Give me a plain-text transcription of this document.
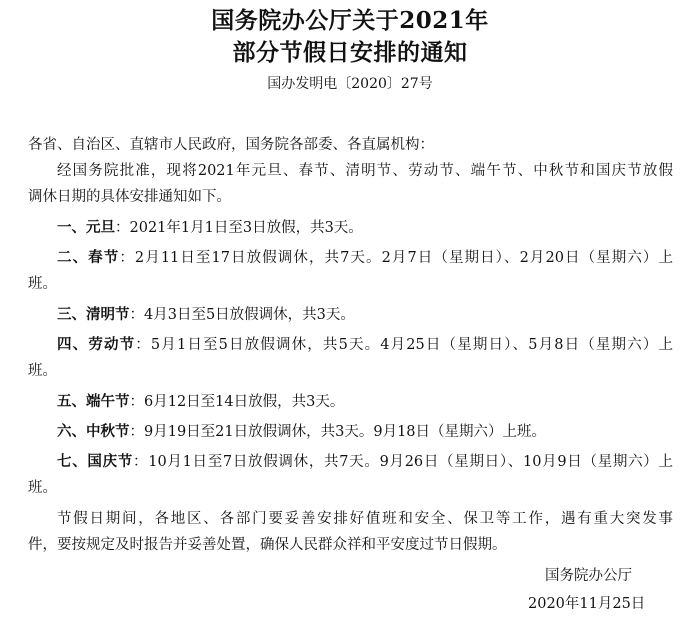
国务院办公厅关于2021年
部分节假日安排的通知
国办发明电〔2020〕27号
各省、自治区、直辖市人民政府，国务院各部委、各直属机构：
经国务院批准，现将2021年元旦、春节、清明节、劳动节、端午节、中秋节和国庆节放假
调休日期的具体安排通知如下。
一、元旦：2021年1月1日至3日放假，共3天。
二、春节：2月11日至17日放假调休，共7天。2月7日（星期日）、2月20日（星期六）上
班。
三、清明节：4月3日至5日放假调休，共3天。
四、劳动节：5月1日至5日放假调休，共5天。4月25日（星期日）、5月8日（星期六）上
班。
五、端午节：6月12日至14日放假，共3天。
六、中秋节：9月19日至21日放假调休，共3天。9月18日（星期六）上班。
七、国庆节：10月1日至7日放假调休，共7天。9月26日（星期日）、10月9日（星期六）上
班。
节假日期间，各地区、各部门要妥善安排好值班和安全、保卫等工作，遇有重大突发事
件，要按规定及时报告并妥善处置，确保人民群众祥和平安度过节日假期。
国务院办公厅
2020年11月25日
